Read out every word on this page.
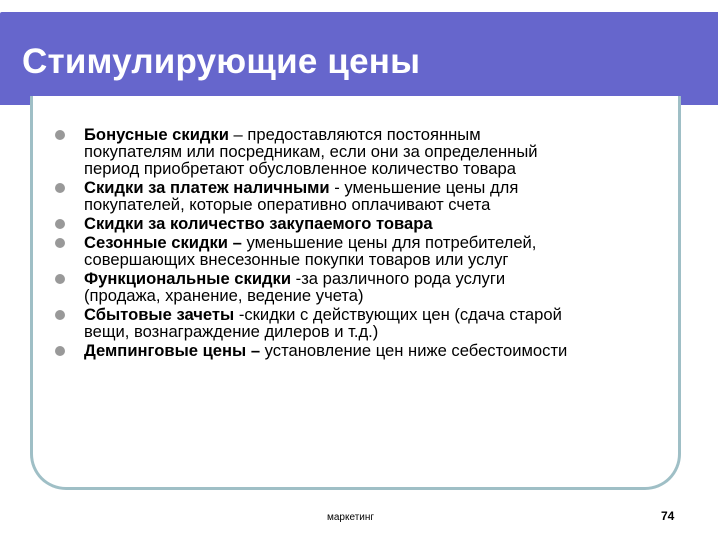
Стимулирующие цены
Бонусные скидки – предоставляются постоянным
покупателям или посредникам, если они за определенный
период приобретают обусловленное количество товара
Скидки за платеж наличными - уменьшение цены для
покупателей, которые оперативно оплачивают счета
Скидки за количество закупаемого товара
Сезонные скидки – уменьшение цены для потребителей,
совершающих внесезонные покупки товаров или услуг
Функциональные скидки -за различного рода услуги
(продажа, хранение, ведение учета)
Сбытовые зачеты -скидки с действующих цен (сдача старой
вещи, вознаграждение дилеров и т.д.)
Демпинговые цены – установление цен ниже себестоимости
маркетинг	74
